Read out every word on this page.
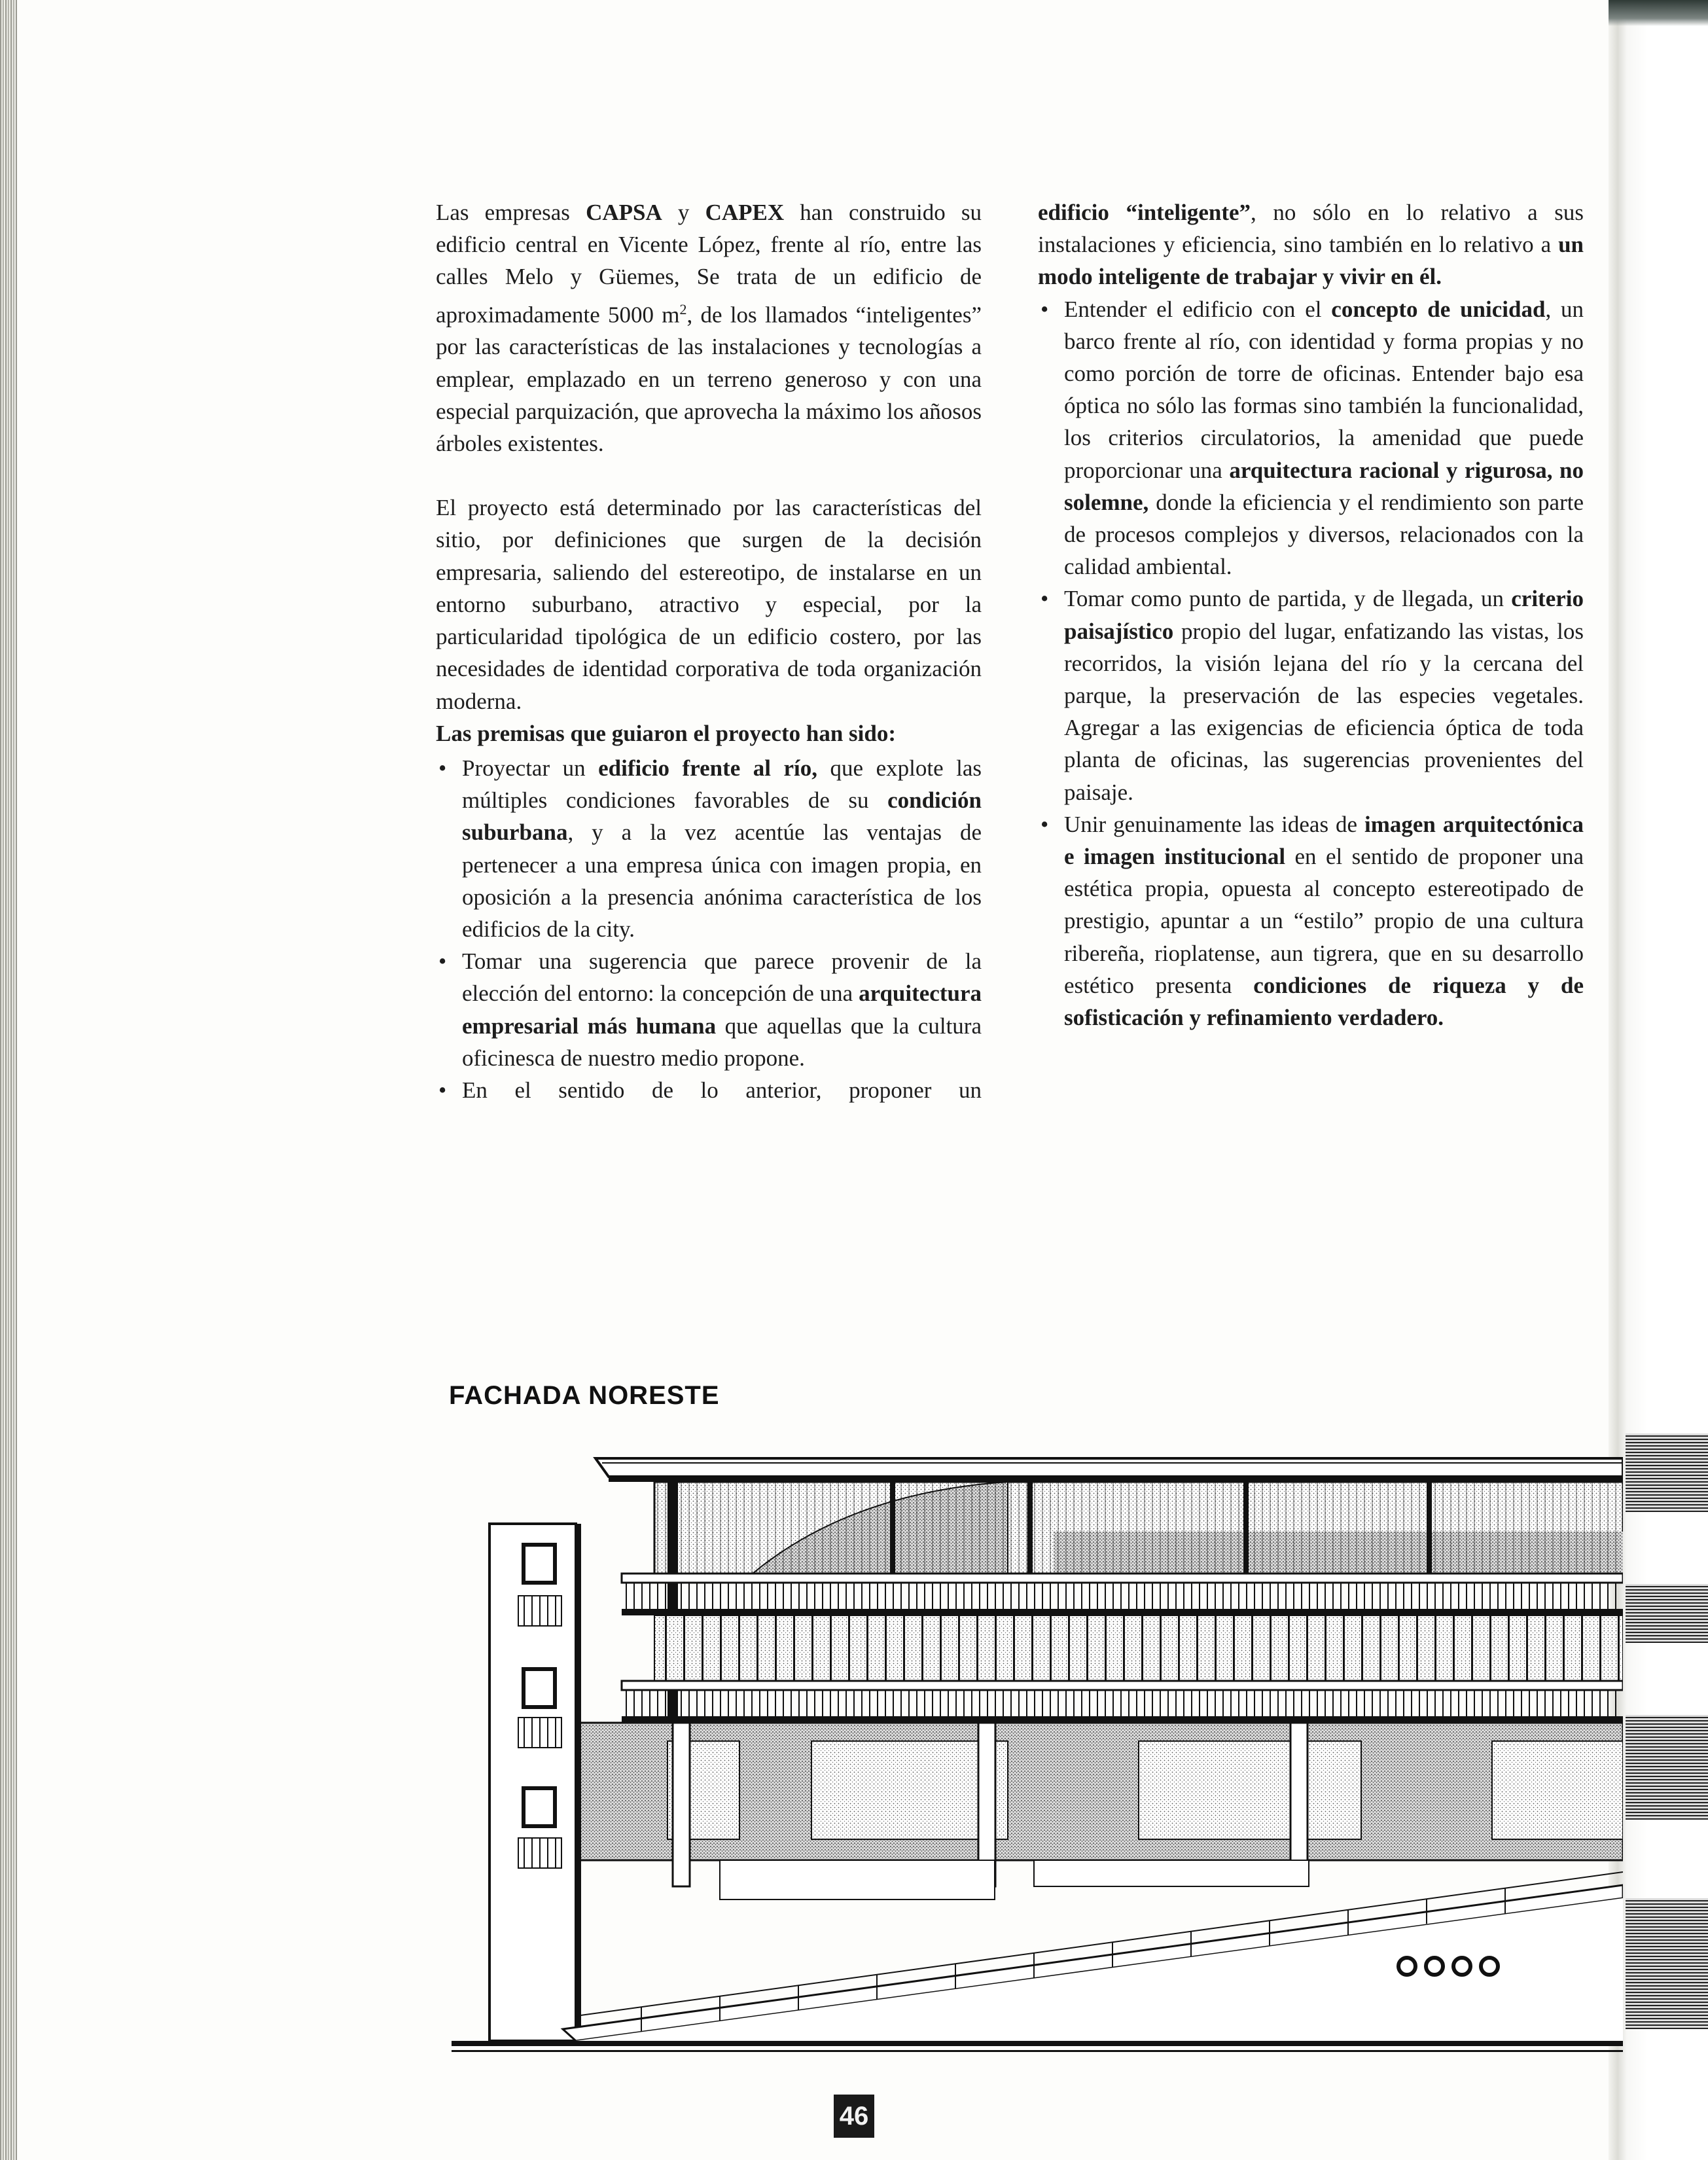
Las empresas CAPSA y CAPEX han construido su edificio central en Vicente López, frente al río, entre las calles Melo y Güemes, Se trata de un edificio de aproximadamente 5000 $m^2$, de los llamados “inteligentes” por las características de las instalaciones y tecnologías a emplear, emplazado en un terreno generoso y con una especial parquización, que aprovecha la máximo los añosos árboles existentes.

El proyecto está determinado por las características del sitio, por definiciones que surgen de la decisión empresaria, saliendo del estereotipo, de instalarse en un entorno suburbano, atractivo y especial, por la particularidad tipológica de un edificio costero, por las necesidades de identidad corporativa de toda organización moderna.

Las premisas que guiaron el proyecto han sido:

• Proyectar un edificio frente al río, que explote las múltiples condiciones favorables de su condición suburbana, y a la vez acentúe las ventajas de pertenecer a una empresa única con imagen propia, en oposición a la presencia anónima característica de los edificios de la city.
• Tomar una sugerencia que parece provenir de la elección del entorno: la concepción de una arquitectura empresarial más humana que aquellas que la cultura oficinesca de nuestro medio propone.
• En el sentido de lo anterior, proponer un
edificio “inteligente”, no sólo en lo relativo a sus instalaciones y eficiencia, sino también en lo relativo a un modo inteligente de trabajar y vivir en él.
• Entender el edificio con el concepto de unicidad, un barco frente al río, con identidad y forma propias y no como porción de torre de oficinas. Entender bajo esa óptica no sólo las formas sino también la funcionalidad, los criterios circulatorios, la amenidad que puede proporcionar una arquitectura racional y rigurosa, no solemne, donde la eficiencia y el rendimiento son parte de procesos complejos y diversos, relacionados con la calidad ambiental.
• Tomar como punto de partida, y de llegada, un criterio paisajístico propio del lugar, enfatizando las vistas, los recorridos, la visión lejana del río y la cercana del parque, la preservación de las especies vegetales. Agregar a las exigencias de eficiencia óptica de toda planta de oficinas, las sugerencias provenientes del paisaje.
• Unir genuinamente las ideas de imagen arquitectónica e imagen institucional en el sentido de proponer una estética propia, opuesta al concepto estereotipado de prestigio, apuntar a un “estilo” propio de una cultura ribereña, rioplatense, aun tigrera, que en su desarrollo estético presenta condiciones de riqueza y de sofisticación y refinamiento verdadero.
FACHADA NORESTE
46
